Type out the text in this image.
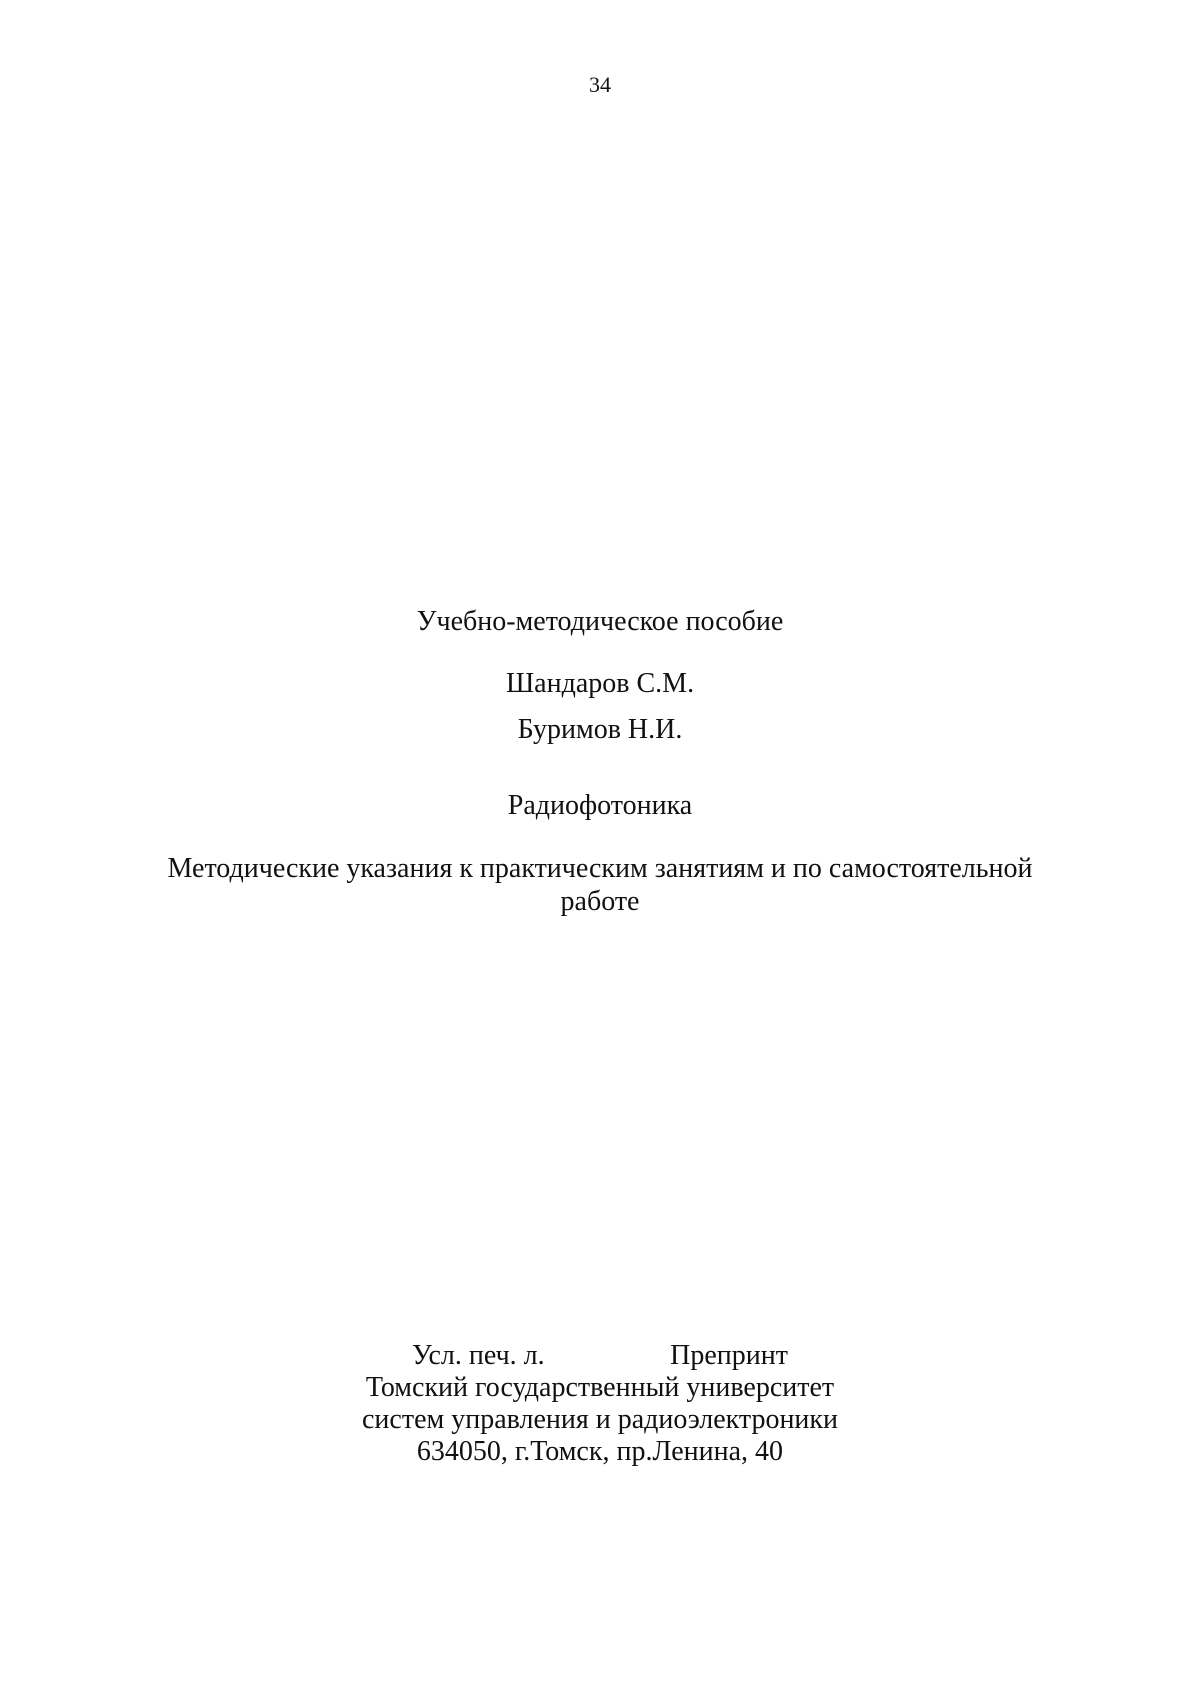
34
Учебно-методическое пособие
Шандаров С.М.
Буримов Н.И.
Радиофотоника
Методические указания к практическим занятиям и по самостоятельной
работе
Усл. печ. л.	Препринт
Томский государственный университет
систем управления и радиоэлектроники
634050, г.Томск, пр.Ленина, 40
